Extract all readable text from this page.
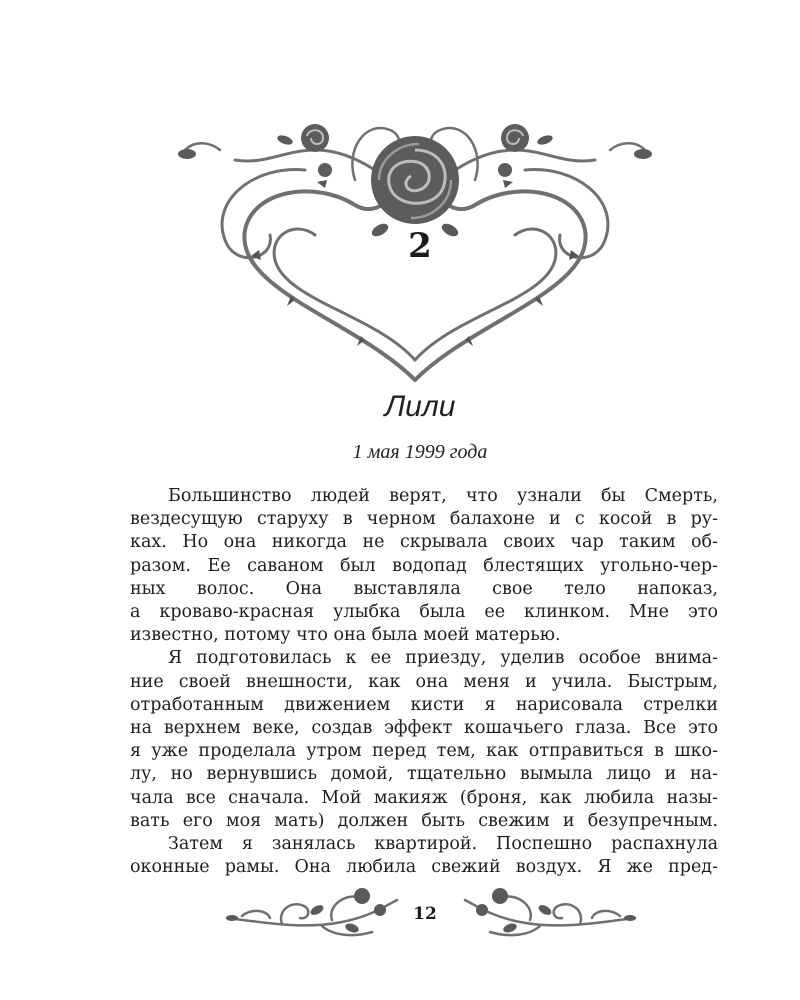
2
Лили
1 мая 1999 года

Большинство людей верят, что узнали бы Смерть,
вездесущую старуху в черном балахоне и с косой в ру-
ках. Но она никогда не скрывала своих чар таким об-
разом. Ее саваном был водопад блестящих угольно-чер-
ных волос. Она выставляла свое тело напоказ,
а кроваво-красная улыбка была ее клинком. Мне это
известно, потому что она была моей матерью.

Я подготовилась к ее приезду, уделив особое внима-
ние своей внешности, как она меня и учила. Быстрым,
отработанным движением кисти я нарисовала стрелки
на верхнем веке, создав эффект кошачьего глаза. Все это
я уже проделала утром перед тем, как отправиться в шко-
лу, но вернувшись домой, тщательно вымыла лицо и на-
чала все сначала. Мой макияж (броня, как любила назы-
вать его моя мать) должен быть свежим и безупречным.

Затем я занялась квартирой. Поспешно распахнула
оконные рамы. Она любила свежий воздух. Я же пред-

12
